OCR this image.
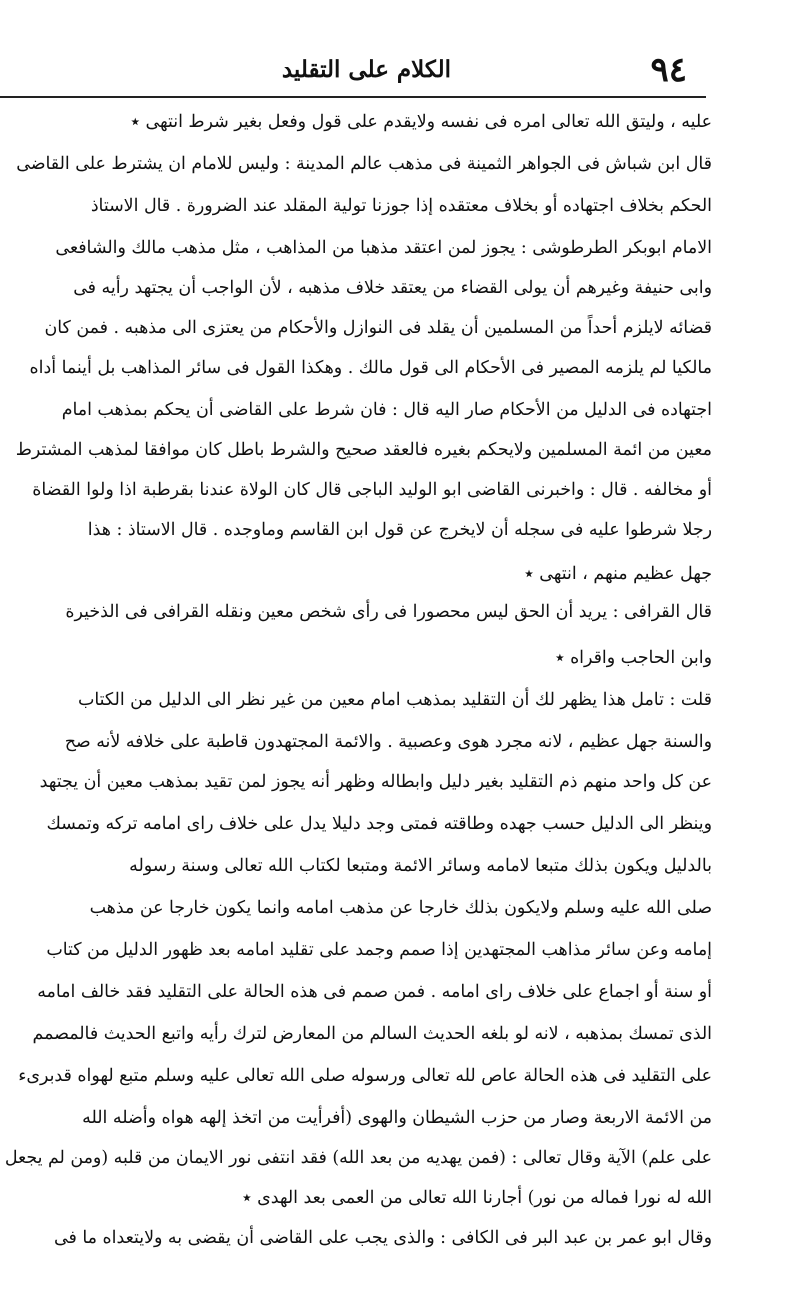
٩٤
الكلام على التقليد
عليه ، وليتق الله تعالى امره فى نفسه ولايقدم على قول وفعل بغير شرط انتهى ٭
قال ابن شباش فى الجواهر الثمينة فى مذهب عالم المدينة : وليس للامام ان يشترط على القاضى
الحكم بخلاف اجتهاده أو بخلاف معتقده إذا جوزنا تولية المقلد عند الضرورة . قال الاستاذ
الامام ابوبكر الطرطوشى : يجوز لمن اعتقد مذهبا من المذاهب ، مثل مذهب مالك والشافعى
وابى حنيفة وغيرهم أن يولى القضاء من يعتقد خلاف مذهبه ، لأن الواجب أن يجتهد رأيه فى
قضائه لايلزم أحداً من المسلمين أن يقلد فى النوازل والأحكام من يعتزى الى مذهبه . فمن كان
مالكيا لم يلزمه المصير فى الأحكام الى قول مالك . وهكذا القول فى سائر المذاهب بل أينما أداه
اجتهاده فى الدليل من الأحكام صار اليه قال : فان شرط على القاضى أن يحكم بمذهب امام
معين من ائمة المسلمين ولايحكم بغيره فالعقد صحيح والشرط باطل كان موافقا لمذهب المشترط
أو مخالفه . قال : واخبرنى القاضى ابو الوليد الباجى قال كان الولاة عندنا بقرطبة اذا ولوا القضاة
رجلا شرطوا عليه فى سجله أن لايخرج عن قول ابن القاسم وماوجده . قال الاستاذ : هذا
جهل عظيم منهم ، انتهى ٭
قال القرافى : يريد أن الحق ليس محصورا فى رأى شخص معين ونقله القرافى فى الذخيرة
وابن الحاجب واقراه ٭
قلت : تامل هذا يظهر لك أن التقليد بمذهب امام معين من غير نظر الى الدليل من الكتاب
والسنة جهل عظيم ، لانه مجرد هوى وعصبية . والائمة المجتهدون قاطبة على خلافه لأنه صح
عن كل واحد منهم ذم التقليد بغير دليل وابطاله وظهر أنه يجوز لمن تقيد بمذهب معين أن يجتهد
وينظر الى الدليل حسب جهده وطاقته فمتى وجد دليلا يدل على خلاف راى امامه تركه وتمسك
بالدليل ويكون بذلك متبعا لامامه وسائر الائمة ومتبعا لكتاب الله تعالى وسنة رسوله
صلى الله عليه وسلم ولايكون بذلك خارجا عن مذهب امامه وانما يكون خارجا عن مذهب
إمامه وعن سائر مذاهب المجتهدين إذا صمم وجمد على تقليد امامه بعد ظهور الدليل من كتاب
أو سنة أو اجماع على خلاف راى امامه . فمن صمم فى هذه الحالة على التقليد فقد خالف امامه
الذى تمسك بمذهبه ، لانه لو بلغه الحديث السالم من المعارض لترك رأيه واتبع الحديث فالمصمم
على التقليد فى هذه الحالة عاص لله تعالى ورسوله صلى الله تعالى عليه وسلم متبع لهواه قدبرىء
من الائمة الاربعة وصار من حزب الشيطان والهوى (أفرأيت من اتخذ إلهه هواه وأضله الله
على علم) الآية وقال تعالى : (فمن يهديه من بعد الله) فقد انتفى نور الايمان من قلبه (ومن لم يجعل
الله له نورا فماله من نور) أجارنا الله تعالى من العمى بعد الهدى ٭
وقال ابو عمر بن عبد البر فى الكافى : والذى يجب على القاضى أن يقضى به ولايتعداه ما فى
